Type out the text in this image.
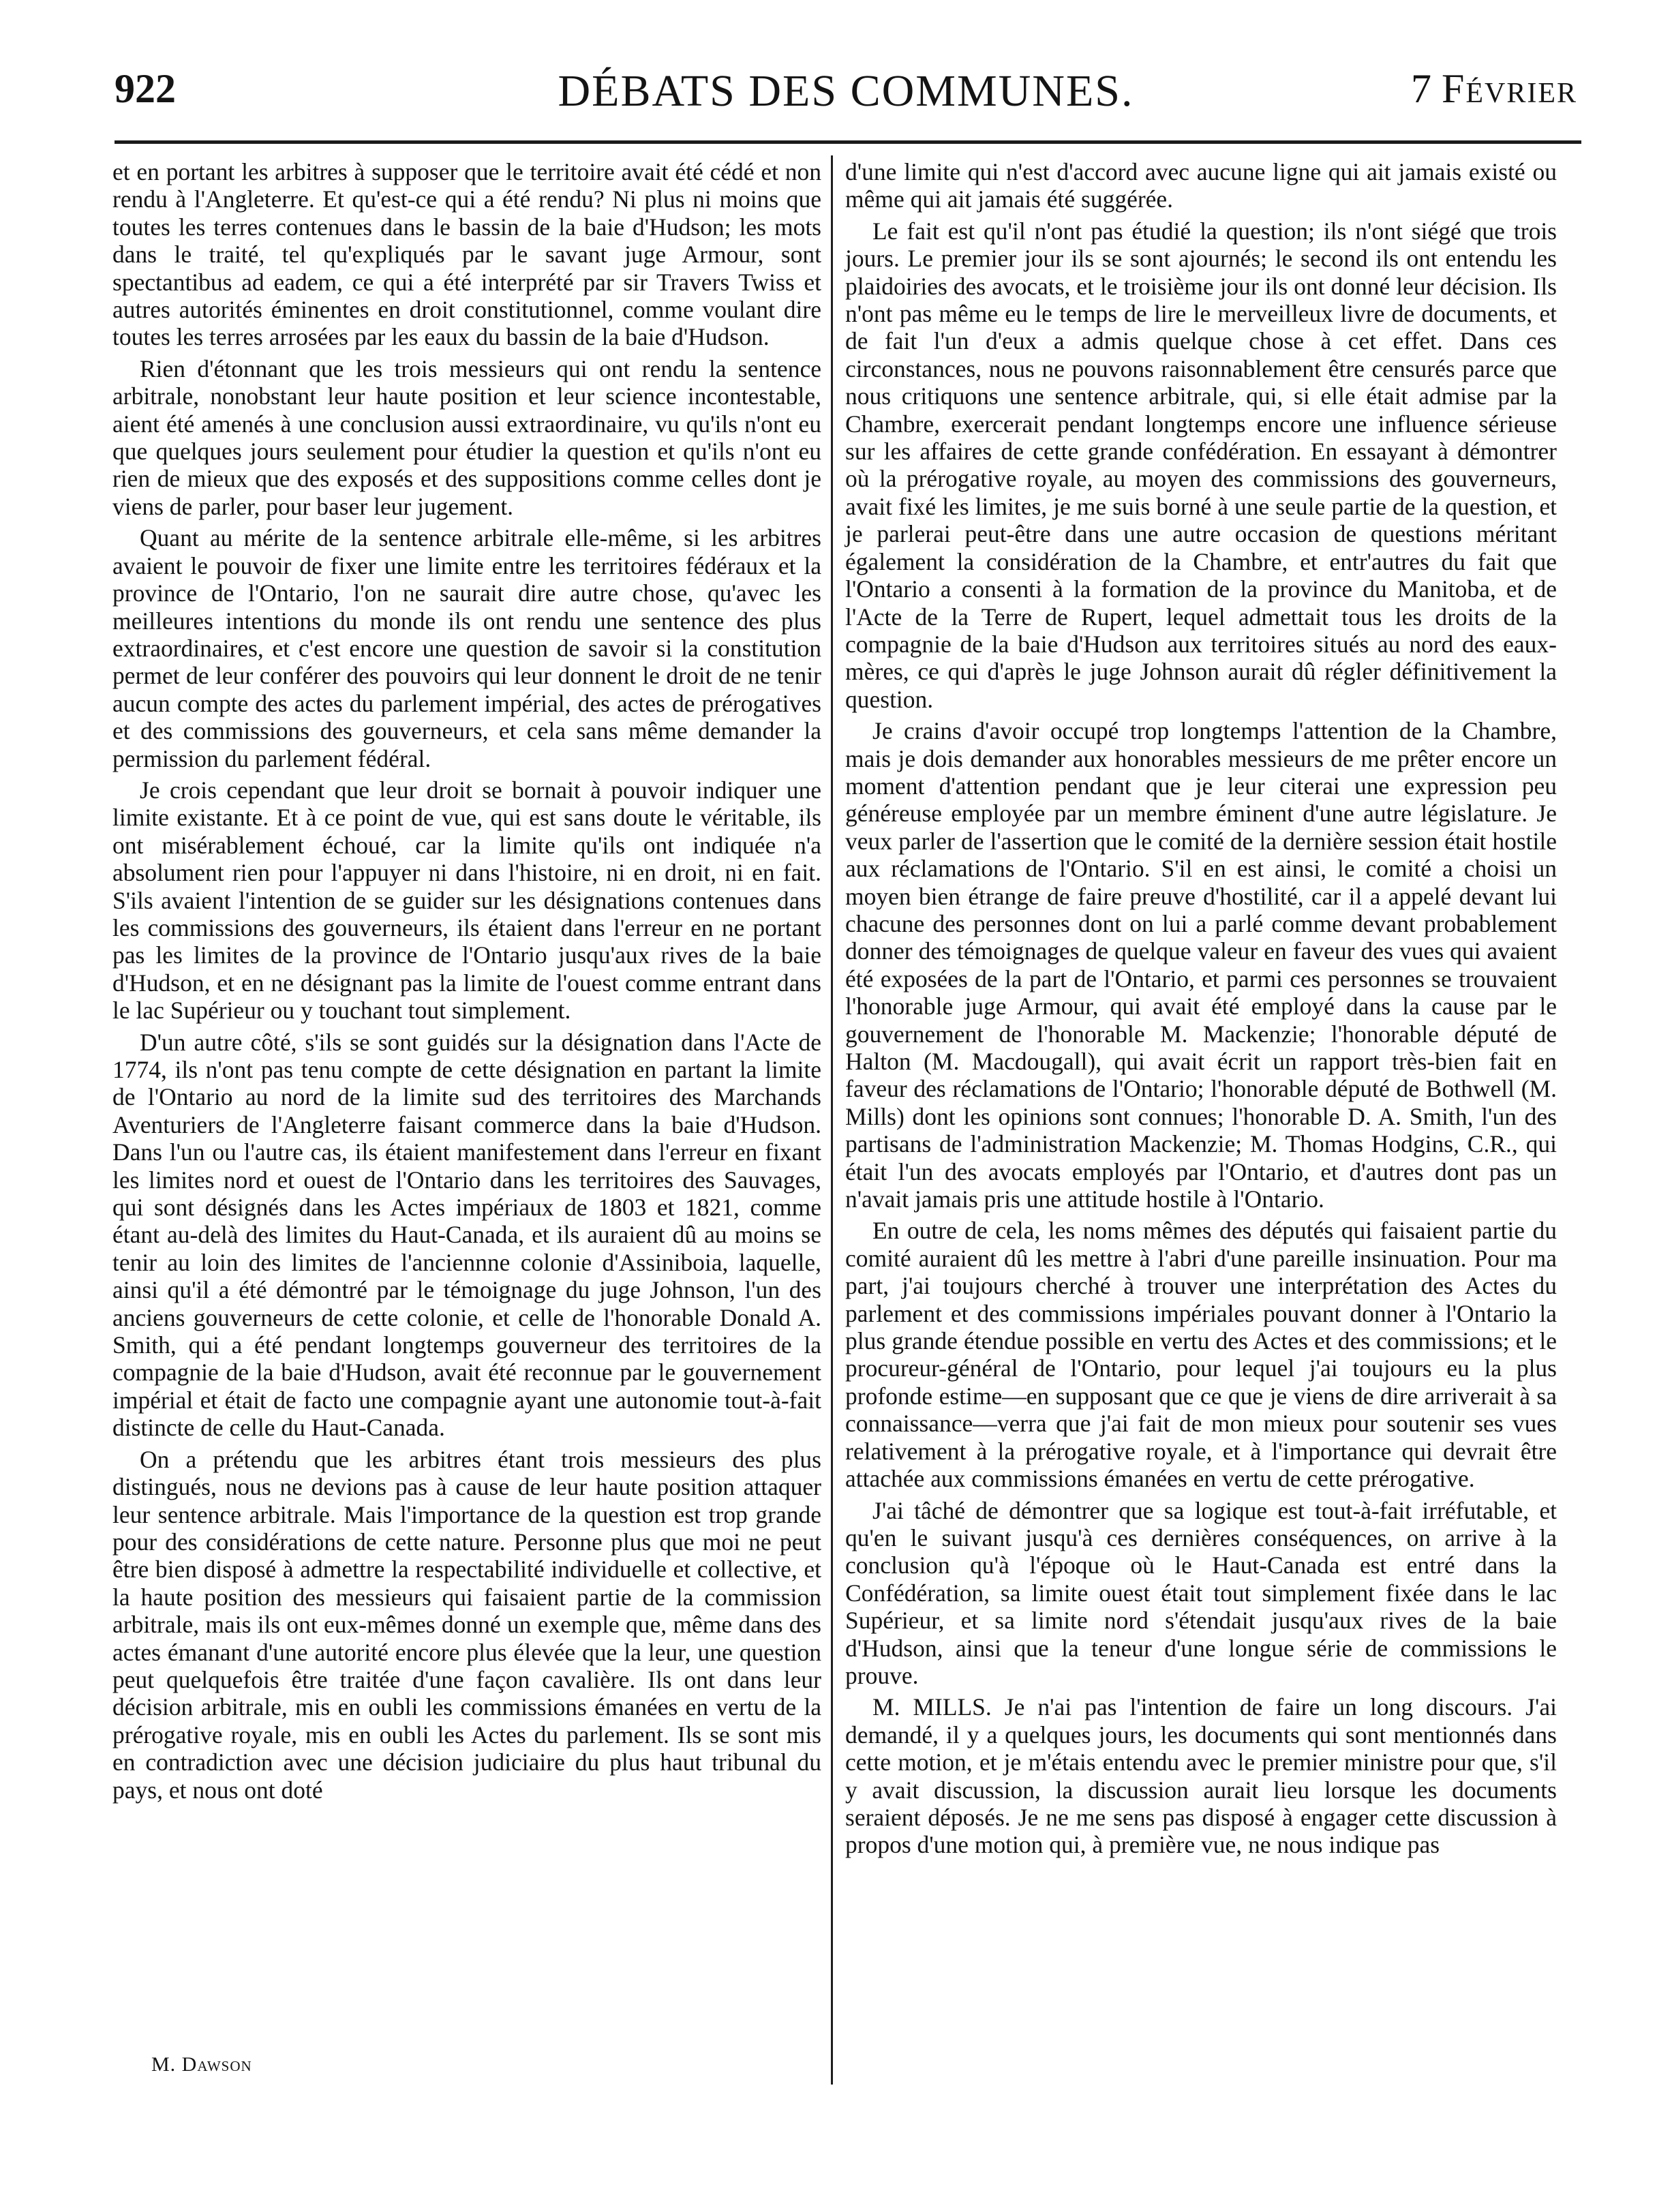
922	DÉBATS DES COMMUNES.	7 Février

et en portant les arbitres à supposer que le territoire avait été cédé et non rendu à l'Angleterre. Et qu'est-ce qui a été rendu? Ni plus ni moins que toutes les terres contenues dans le bassin de la baie d'Hudson; les mots dans le traité, tel qu'expliqués par le savant juge Armour, sont spectantibus ad eadem, ce qui a été interprété par sir Travers Twiss et autres autorités éminentes en droit constitutionnel, comme voulant dire toutes les terres arrosées par les eaux du bassin de la baie d'Hudson.

Rien d'étonnant que les trois messieurs qui ont rendu la sentence arbitrale, nonobstant leur haute position et leur science incontestable, aient été amenés à une conclusion aussi extraordinaire, vu qu'ils n'ont eu que quelques jours seulement pour étudier la question et qu'ils n'ont eu rien de mieux que des exposés et des suppositions comme celles dont je viens de parler, pour baser leur jugement.

Quant au mérite de la sentence arbitrale elle-même, si les arbitres avaient le pouvoir de fixer une limite entre les territoires fédéraux et la province de l'Ontario, l'on ne saurait dire autre chose, qu'avec les meilleures intentions du monde ils ont rendu une sentence des plus extraordinaires, et c'est encore une question de savoir si la constitution permet de leur conférer des pouvoirs qui leur donnent le droit de ne tenir aucun compte des actes du parlement impérial, des actes de prérogatives et des commissions des gouverneurs, et cela sans même demander la permission du parlement fédéral.

Je crois cependant que leur droit se bornait à pouvoir indiquer une limite existante. Et à ce point de vue, qui est sans doute le véritable, ils ont misérablement échoué, car la limite qu'ils ont indiquée n'a absolument rien pour l'appuyer ni dans l'histoire, ni en droit, ni en fait. S'ils avaient l'intention de se guider sur les désignations contenues dans les commissions des gouverneurs, ils étaient dans l'erreur en ne portant pas les limites de la province de l'Ontario jusqu'aux rives de la baie d'Hudson, et en ne désignant pas la limite de l'ouest comme entrant dans le lac Supérieur ou y touchant tout simplement.

D'un autre côté, s'ils se sont guidés sur la désignation dans l'Acte de 1774, ils n'ont pas tenu compte de cette désignation en partant la limite de l'Ontario au nord de la limite sud des territoires des Marchands Aventuriers de l'Angleterre faisant commerce dans la baie d'Hudson. Dans l'un ou l'autre cas, ils étaient manifestement dans l'erreur en fixant les limites nord et ouest de l'Ontario dans les territoires des Sauvages, qui sont désignés dans les Actes impériaux de 1803 et 1821, comme étant au-delà des limites du Haut-Canada, et ils auraient dû au moins se tenir au loin des limites de l'anciennne colonie d'Assiniboia, laquelle, ainsi qu'il a été démontré par le témoignage du juge Johnson, l'un des anciens gouverneurs de cette colonie, et celle de l'honorable Donald A. Smith, qui a été pendant longtemps gouverneur des territoires de la compagnie de la baie d'Hudson, avait été reconnue par le gouvernement impérial et était de facto une compagnie ayant une autonomie tout-à-fait distincte de celle du Haut-Canada.

On a prétendu que les arbitres étant trois messieurs des plus distingués, nous ne devions pas à cause de leur haute position attaquer leur sentence arbitrale. Mais l'importance de la question est trop grande pour des considérations de cette nature. Personne plus que moi ne peut être bien disposé à admettre la respectabilité individuelle et collective, et la haute position des messieurs qui faisaient partie de la commission arbitrale, mais ils ont eux-mêmes donné un exemple que, même dans des actes émanant d'une autorité encore plus élevée que la leur, une question peut quelquefois être traitée d'une façon cavalière. Ils ont dans leur décision arbitrale, mis en oubli les commissions émanées en vertu de la prérogative royale, mis en oubli les Actes du parlement. Ils se sont mis en contradiction avec une décision judiciaire du plus haut tribunal du pays, et nous ont doté

d'une limite qui n'est d'accord avec aucune ligne qui ait jamais existé ou même qui ait jamais été suggérée.

Le fait est qu'il n'ont pas étudié la question; ils n'ont siégé que trois jours. Le premier jour ils se sont ajournés; le second ils ont entendu les plaidoiries des avocats, et le troisième jour ils ont donné leur décision. Ils n'ont pas même eu le temps de lire le merveilleux livre de documents, et de fait l'un d'eux a admis quelque chose à cet effet. Dans ces circonstances, nous ne pouvons raisonnablement être censurés parce que nous critiquons une sentence arbitrale, qui, si elle était admise par la Chambre, exercerait pendant longtemps encore une influence sérieuse sur les affaires de cette grande confédération. En essayant à démontrer où la prérogative royale, au moyen des commissions des gouverneurs, avait fixé les limites, je me suis borné à une seule partie de la question, et je parlerai peut-être dans une autre occasion de questions méritant également la considération de la Chambre, et entr'autres du fait que l'Ontario a consenti à la formation de la province du Manitoba, et de l'Acte de la Terre de Rupert, lequel admettait tous les droits de la compagnie de la baie d'Hudson aux territoires situés au nord des eaux-mères, ce qui d'après le juge Johnson aurait dû régler définitivement la question.

Je crains d'avoir occupé trop longtemps l'attention de la Chambre, mais je dois demander aux honorables messieurs de me prêter encore un moment d'attention pendant que je leur citerai une expression peu généreuse employée par un membre éminent d'une autre législature. Je veux parler de l'assertion que le comité de la dernière session était hostile aux réclamations de l'Ontario. S'il en est ainsi, le comité a choisi un moyen bien étrange de faire preuve d'hostilité, car il a appelé devant lui chacune des personnes dont on lui a parlé comme devant probablement donner des témoignages de quelque valeur en faveur des vues qui avaient été exposées de la part de l'Ontario, et parmi ces personnes se trouvaient l'honorable juge Armour, qui avait été employé dans la cause par le gouvernement de l'honorable M. Mackenzie; l'honorable député de Halton (M. Macdougall), qui avait écrit un rapport très-bien fait en faveur des réclamations de l'Ontario; l'honorable député de Bothwell (M. Mills) dont les opinions sont connues; l'honorable D. A. Smith, l'un des partisans de l'administration Mackenzie; M. Thomas Hodgins, C.R., qui était l'un des avocats employés par l'Ontario, et d'autres dont pas un n'avait jamais pris une attitude hostile à l'Ontario.

En outre de cela, les noms mêmes des députés qui faisaient partie du comité auraient dû les mettre à l'abri d'une pareille insinuation. Pour ma part, j'ai toujours cherché à trouver une interprétation des Actes du parlement et des commissions impériales pouvant donner à l'Ontario la plus grande étendue possible en vertu des Actes et des commissions; et le procureur-général de l'Ontario, pour lequel j'ai toujours eu la plus profonde estime—en supposant que ce que je viens de dire arriverait à sa connaissance—verra que j'ai fait de mon mieux pour soutenir ses vues relativement à la prérogative royale, et à l'importance qui devrait être attachée aux commissions émanées en vertu de cette prérogative.

J'ai tâché de démontrer que sa logique est tout-à-fait irréfutable, et qu'en le suivant jusqu'à ces dernières conséquences, on arrive à la conclusion qu'à l'époque où le Haut-Canada est entré dans la Confédération, sa limite ouest était tout simplement fixée dans le lac Supérieur, et sa limite nord s'étendait jusqu'aux rives de la baie d'Hudson, ainsi que la teneur d'une longue série de commissions le prouve.

M. MILLS. Je n'ai pas l'intention de faire un long discours. J'ai demandé, il y a quelques jours, les documents qui sont mentionnés dans cette motion, et je m'étais entendu avec le premier ministre pour que, s'il y avait discussion, la discussion aurait lieu lorsque les documents seraient déposés. Je ne me sens pas disposé à engager cette discussion à propos d'une motion qui, à première vue, ne nous indique pas

M. Dawson
